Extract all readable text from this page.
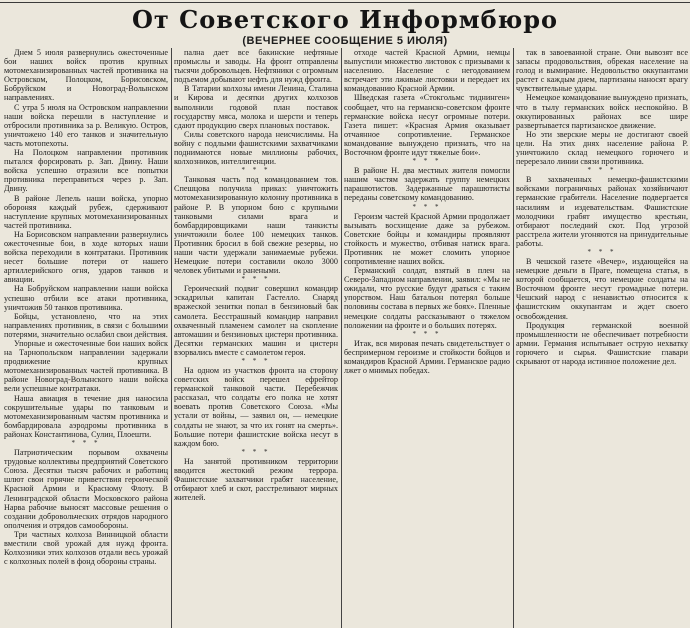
От Советского Информбюро
(ВЕЧЕРНЕЕ СООБЩЕНИЕ 5 ИЮЛЯ)

Днем 5 июля развернулись ожесточенные бои наших войск против крупных мотомеханизированных частей противника на Островском, Полоцком, Борисовском, Бобруйском и Новоград-Волынском направлениях.

С утра 5 июля на Островском направлении наши войска перешли в наступление и отбросили противника за р. Великую. Остров, уничтожено 140 его танков и значительную часть мотопехоты.

На Полоцком направлении противник пытался форсировать р. Зап. Двину. Наши войска успешно отразили все попытки противника переправиться через р. Зап. Двину.

В районе Лепель наши войска, упорно обороняя каждый рубеж, сдерживают наступление крупных мотомеханизированных частей противника.

На Борисовском направлении развернулись ожесточенные бои, в ходе которых наши войска переходили в контратаки. Противник несет большие потери от нашего артиллерийского огня, ударов танков и авиации.

На Бобруйском направлении наши войска успешно отбили все атаки противника, уничтожив 50 танков противника.

Бойцы, установлено, что на этих направлениях противник, в связи с большими потерями, значительно ослабил свои действия.

Упорные и ожесточенные бои наших войск на Тарнопольском направлении задержали продвижение крупных мотомеханизированных частей противника. В районе Новоград-Волынского наши войска вели успешные контратаки.

Наша авиация в течение дня наносила сокрушительные удары по танковым и мотомеханизированным частям противника и бомбардировала аэродромы противника в районах Константинова, Сулин, Плоешти.

* * *

Патриотическим порывом охвачены трудовые коллективы предприятий Советского Союза. Десятки тысяч рабочих и работниц шлют свои горячие приветствия героической Красной Армии и Красному Флоту. В Ленинградской области Московского района Нарва рабочие выносят массовые решения о создании добровольческих отрядов народного ополчения и отрядов самообороны.

Три частных колхоза Винницкой области вместили свой урожай для нужд фронта. Колхозники этих колхозов отдали весь урожай с колхозных полей в фонд обороны страны.

пална дает все бакинские нефтяные промыслы и заводы. На фронт отправлены тысячи добровольцев. Нефтяники с огромным подъемом добывают нефть для нужд фронта.

В Татарии колхозы имени Ленина, Сталина и Кирова и десятки других колхозов выполнили годовой план поставок государству мяса, молока и шерсти и теперь сдают продукцию сверх плановых поставок.

Силы советского народа неисчислимы. На войну с подлыми фашистскими захватчиками поднимаются новые миллионы рабочих, колхозников, интеллигенции.

* * *

Танковая часть под командованием тов. Спешцова получила приказ: уничтожить мотомеханизированную колонну противника в районе Р. В упорном бою с крупными танковыми силами врага и бомбардировщиками наши танкисты уничтожили более 100 немецких танков. Противник бросил в бой свежие резервы, но наши части удержали занимаемые рубежи. Немецкие потери составили около 3000 человек убитыми и ранеными.

* * *

Героический подвиг совершил командир эскадрильи капитан Гастелло. Снаряд вражеской зенитки попал в бензиновый бак самолета. Бесстрашный командир направил охваченный пламенем самолет на скопление автомашин и бензиновых цистерн противника. Десятки германских машин и цистерн взорвались вместе с самолетом героя.

* * *

На одном из участков фронта на сторону советских войск перешел ефрейтор германской танковой части. Перебежчик рассказал, что солдаты его полка не хотят воевать против Советского Союза. «Мы устали от войны, — заявил он, — немецкие солдаты не знают, за что их гонят на смерть». Большие потери фашистские войска несут в каждом бою.

* * *

На занятой противником территории вводится жестокий режим террора. Фашистские захватчики грабят население, отбирают хлеб и скот, расстреливают мирных жителей.

отходе частей Красной Армии, немцы выпустили множество листовок с призывами к населению. Население с негодованием встречает эти лживые листовки и передает их командованию Красной Армии.

Шведская газета «Стокгольмс тиднинген» сообщает, что на германско-советском фронте германские войска несут огромные потери. Газета пишет: «Красная Армия оказывает отчаянное сопротивление. Германское командование вынуждено признать, что на Восточном фронте идут тяжелые бои».

* * *

В районе Н. два местных жителя помогли нашим частям задержать группу немецких парашютистов. Задержанные парашютисты переданы советскому командованию.

* * *

Героизм частей Красной Армии продолжает вызывать восхищение даже за рубежом. Советские бойцы и командиры проявляют стойкость и мужество, отбивая натиск врага. Противник не может сломить упорное сопротивление наших войск.

Германский солдат, взятый в плен на Северо-Западном направлении, заявил: «Мы не ожидали, что русские будут драться с таким упорством. Наш батальон потерял больше половины состава в первых же боях». Пленные немецкие солдаты рассказывают о тяжелом положении на фронте и о больших потерях.

* * *

Итак, вся мировая печать свидетельствует о беспримерном героизме и стойкости бойцов и командиров Красной Армии. Германское радио лжет о мнимых победах.

так в завоеванной стране. Они вывозят все запасы продовольствия, обрекая население на голод и вымирание. Недовольство оккупантами растет с каждым днем, партизаны наносят врагу чувствительные удары.

Немецкое командование вынуждено признать, что в тылу германских войск неспокойно. В оккупированных районах все шире развертывается партизанское движение.

Но эти зверские меры не достигают своей цели. На этих днях население района Р. уничтожило склад немецкого горючего и перерезало линии связи противника.

* * *

В захваченных немецко-фашистскими войсками пограничных районах хозяйничают германские грабители. Население подвергается насилиям и издевательствам. Фашистские молодчики грабят имущество крестьян, отбирают последний скот. Под угрозой расстрела жители угоняются на принудительные работы.

* * *

В чешской газете «Вечер», издающейся на немецкие деньги в Праге, помещена статья, в которой сообщается, что немецкие солдаты на Восточном фронте несут громадные потери. Чешский народ с ненавистью относится к фашистским оккупантам и ждет своего освобождения.

Продукция германской военной промышленности не обеспечивает потребности армии. Германия испытывает острую нехватку горючего и сырья. Фашистские главари скрывают от народа истинное положение дел.
